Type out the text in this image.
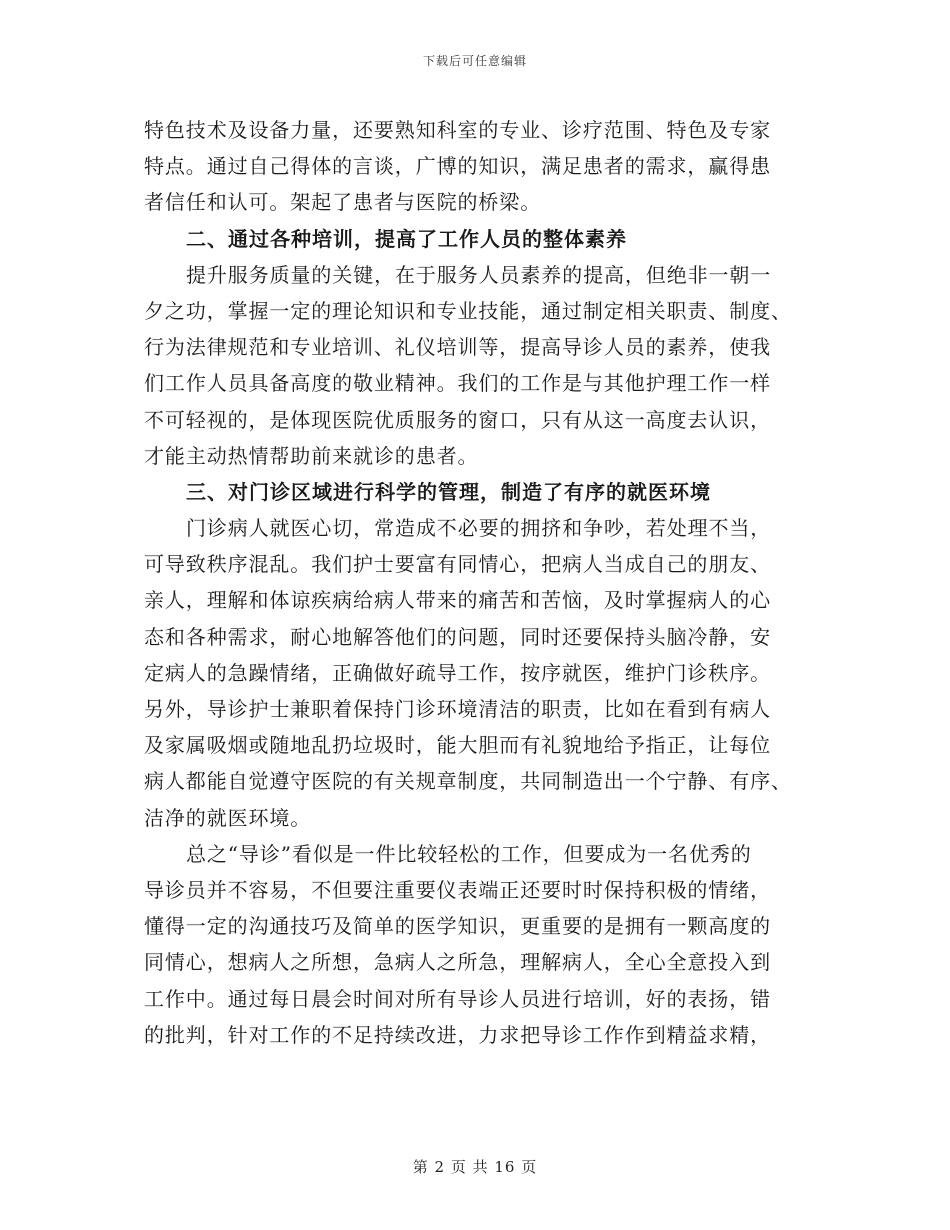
下载后可任意编辑
特色技术及设备力量，还要熟知科室的专业、诊疗范围、特色及专家
特点。通过自己得体的言谈，广博的知识，满足患者的需求，赢得患
者信任和认可。架起了患者与医院的桥梁。
二、通过各种培训，提高了工作人员的整体素养
提升服务质量的关键，在于服务人员素养的提高，但绝非一朝一
夕之功，掌握一定的理论知识和专业技能，通过制定相关职责、制度、
行为法律规范和专业培训、礼仪培训等，提高导诊人员的素养，使我
们工作人员具备高度的敬业精神。我们的工作是与其他护理工作一样
不可轻视的，是体现医院优质服务的窗口，只有从这一高度去认识，
才能主动热情帮助前来就诊的患者。
三、对门诊区域进行科学的管理，制造了有序的就医环境
门诊病人就医心切，常造成不必要的拥挤和争吵，若处理不当，
可导致秩序混乱。我们护士要富有同情心，把病人当成自己的朋友、
亲人，理解和体谅疾病给病人带来的痛苦和苦恼，及时掌握病人的心
态和各种需求，耐心地解答他们的问题，同时还要保持头脑冷静，安
定病人的急躁情绪，正确做好疏导工作，按序就医，维护门诊秩序。
另外，导诊护士兼职着保持门诊环境清洁的职责，比如在看到有病人
及家属吸烟或随地乱扔垃圾时，能大胆而有礼貌地给予指正，让每位
病人都能自觉遵守医院的有关规章制度，共同制造出一个宁静、有序、
洁净的就医环境。
总之“导诊”看似是一件比较轻松的工作，但要成为一名优秀的
导诊员并不容易，不但要注重要仪表端正还要时时保持积极的情绪，
懂得一定的沟通技巧及简单的医学知识，更重要的是拥有一颗高度的
同情心，想病人之所想，急病人之所急，理解病人，全心全意投入到
工作中。通过每日晨会时间对所有导诊人员进行培训，好的表扬，错
的批判，针对工作的不足持续改进，力求把导诊工作作到精益求精，
第 2 页 共 16 页
